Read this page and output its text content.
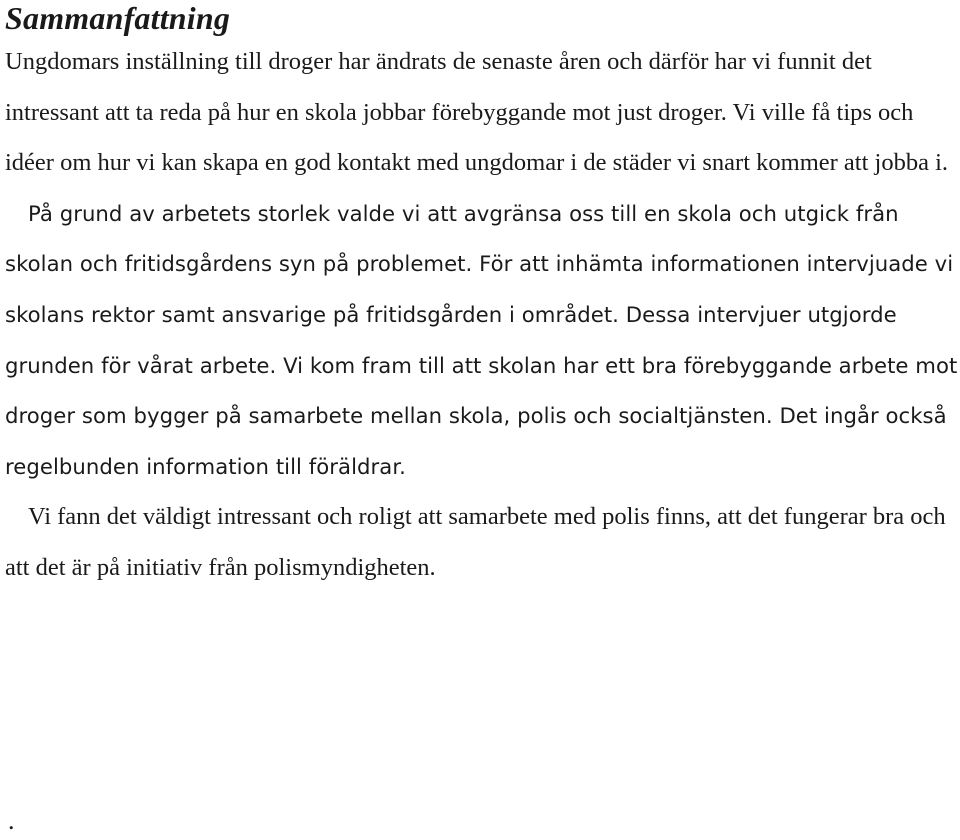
Sammanfattning

Ungdomars inställning till droger har ändrats de senaste åren och därför har vi funnit det intressant att ta reda på hur en skola jobbar förebyggande mot just droger. Vi ville få tips och idéer om hur vi kan skapa en god kontakt med ungdomar i de städer vi snart kommer att jobba i.

På grund av arbetets storlek valde vi att avgränsa oss till en skola och utgick från skolan och fritidsgårdens syn på problemet. För att inhämta informationen intervjuade vi skolans rektor samt ansvarige på fritidsgården i området. Dessa intervjuer utgjorde grunden för vårat arbete. Vi kom fram till att skolan har ett bra förebyggande arbete mot droger som bygger på samarbete mellan skola, polis och socialtjänsten. Det ingår också regelbunden information till föräldrar.

Vi fann det väldigt intressant och roligt att samarbete med polis finns, att det fungerar bra och att det är på initiativ från polismyndigheten.

.
